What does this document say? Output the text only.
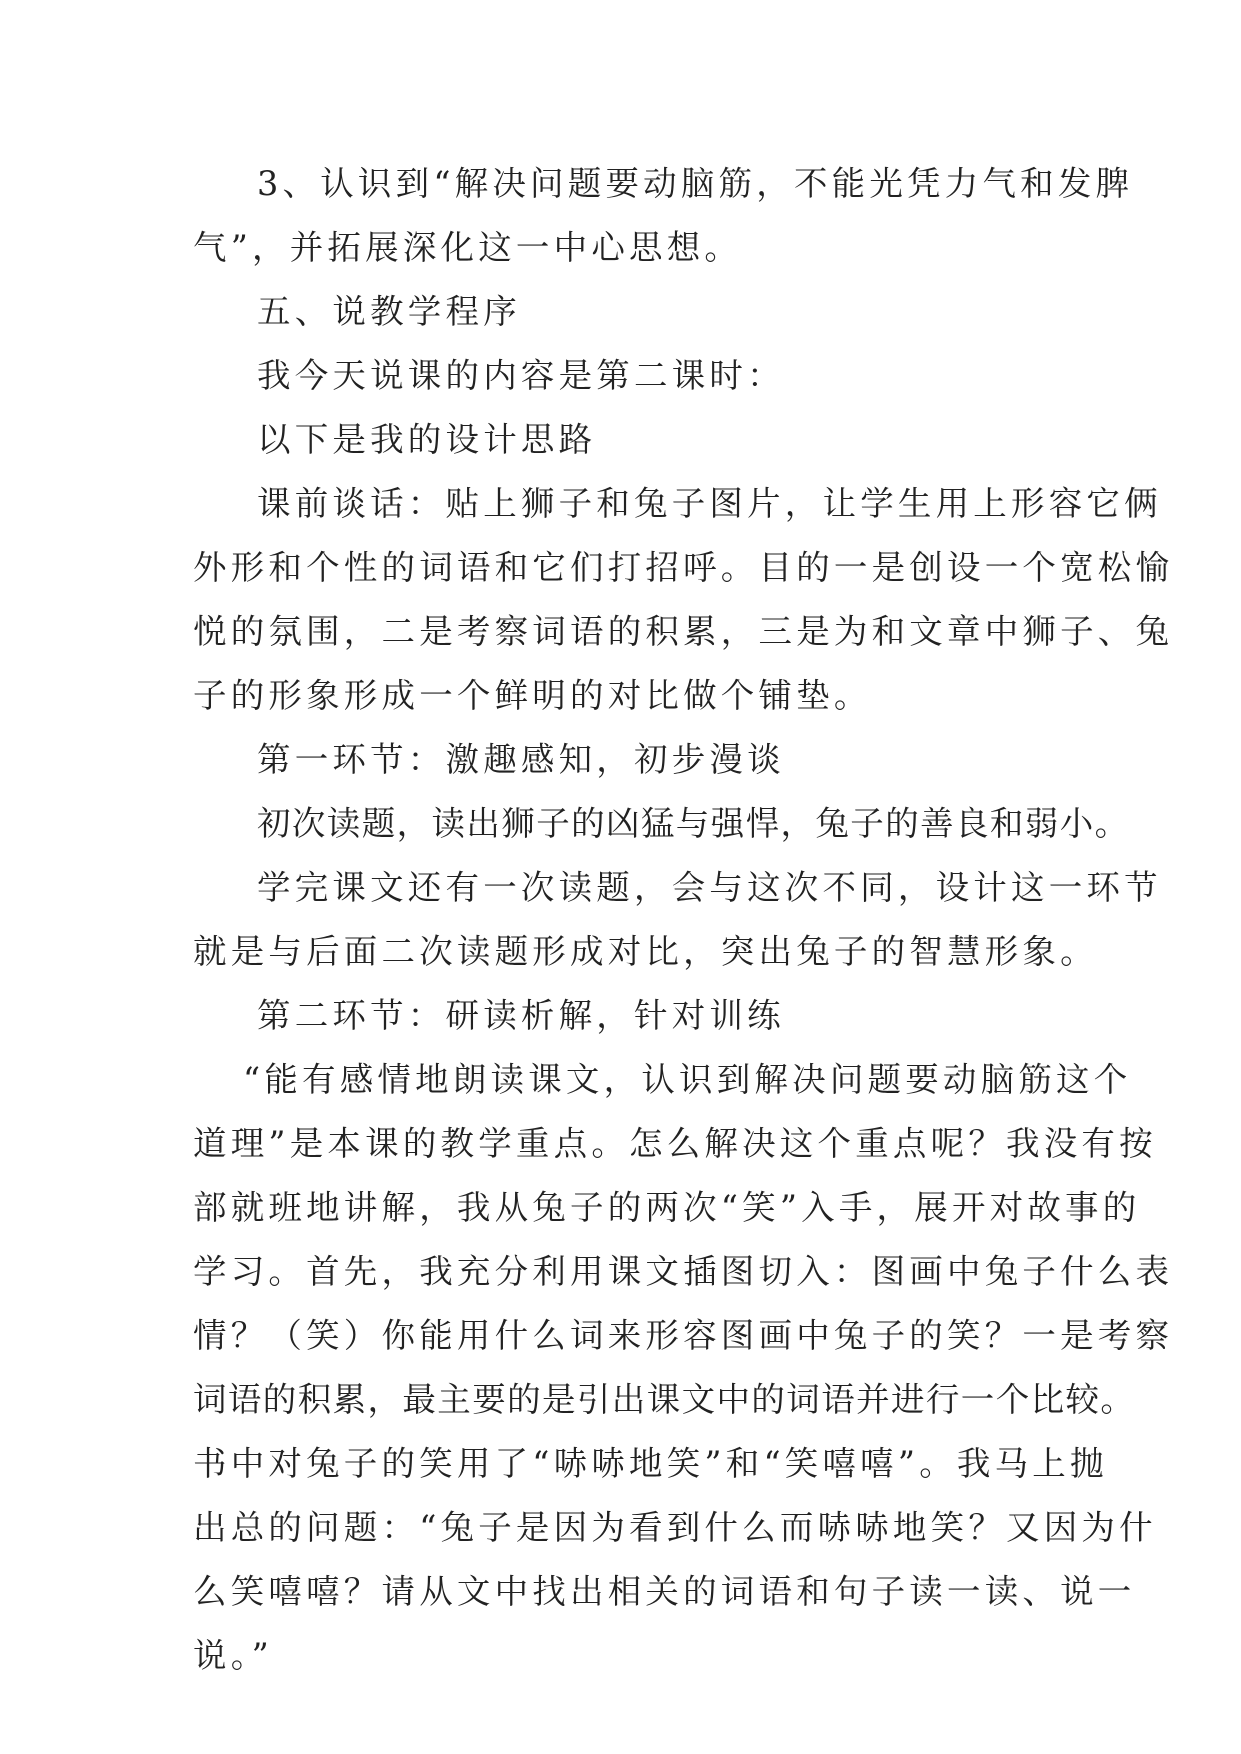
3、认识到“解决问题要动脑筋，不能光凭力气和发脾
气”，并拓展深化这一中心思想。
五、说教学程序
我今天说课的内容是第二课时：
以下是我的设计思路
课前谈话：贴上狮子和兔子图片，让学生用上形容它俩
外形和个性的词语和它们打招呼。目的一是创设一个宽松愉
悦的氛围，二是考察词语的积累，三是为和文章中狮子、兔
子的形象形成一个鲜明的对比做个铺垫。
第一环节：激趣感知，初步漫谈
初次读题，读出狮子的凶猛与强悍，兔子的善良和弱小。
学完课文还有一次读题，会与这次不同，设计这一环节
就是与后面二次读题形成对比，突出兔子的智慧形象。
第二环节：研读析解，针对训练
“能有感情地朗读课文，认识到解决问题要动脑筋这个
道理”是本课的教学重点。怎么解决这个重点呢？我没有按
部就班地讲解，我从兔子的两次“笑”入手，展开对故事的
学习。首先，我充分利用课文插图切入：图画中兔子什么表
情？（笑）你能用什么词来形容图画中兔子的笑？一是考察
词语的积累，最主要的是引出课文中的词语并进行一个比较。
书中对兔子的笑用了“哧哧地笑”和“笑嘻嘻”。我马上抛
出总的问题：“兔子是因为看到什么而哧哧地笑？又因为什
么笑嘻嘻？请从文中找出相关的词语和句子读一读、说一
说。”
